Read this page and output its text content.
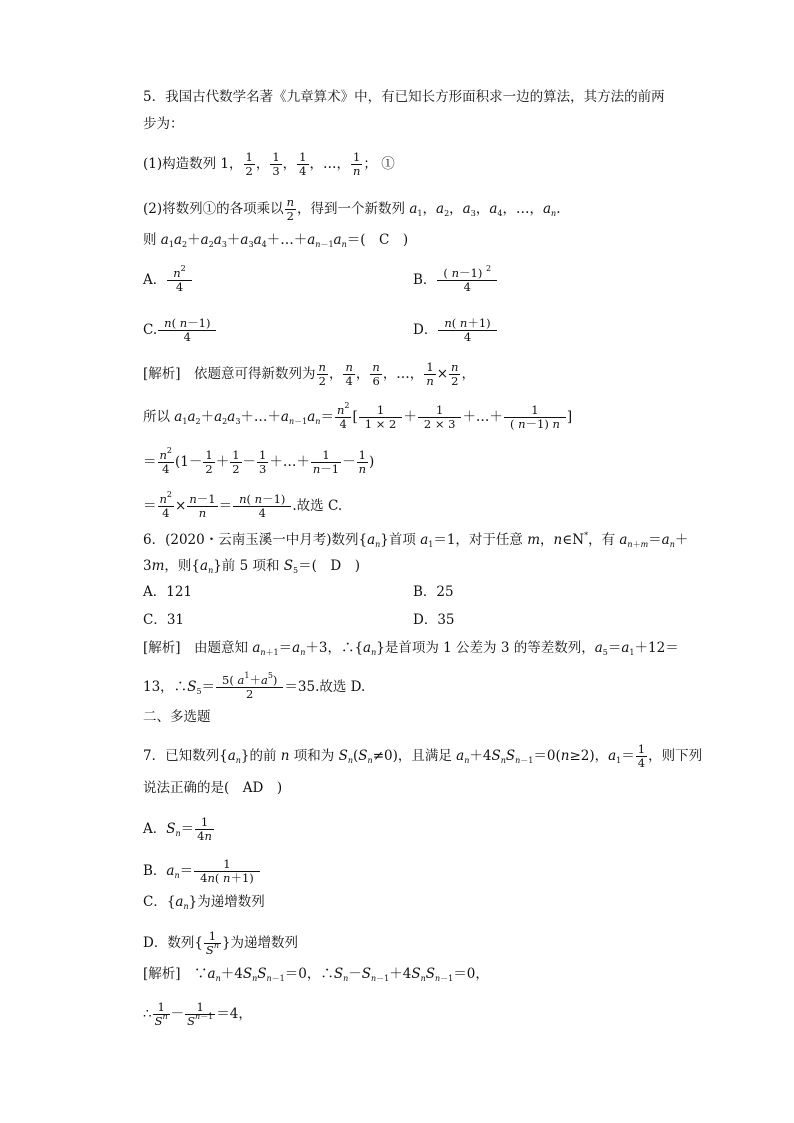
5．我国古代数学名著《九章算术》中，有已知长方形面积求一边的算法，其方法的前两
步为：
(1)构造数列 1， $\frac{1}{2}$ ， $\frac{1}{3}$ ， $\frac{1}{4}$ ，…， $\frac{1}{n}$ ； ①
(2)将数列①的各项乘以 $\frac{n}{2}$ ，得到一个新数列 $a_1$，$a_2$，$a_3$，$a_4$，…，$a_n$.
则 $a_1a_2+a_2a_3+a_3a_4+\dots+a_{n-1}a_n=$(　C　)
A． $\frac{n^2}{4}$	B． $\frac{( n-1) ^2}{4}$
C. $\frac{n( n-1)}{4}$	D． $\frac{n( n+1)}{4}$
[解析]　依题意可得新数列为 $\frac{n}{2}$ ， $\frac{n}{4}$ ， $\frac{n}{6}$ ，…， $\frac{1}{n} \times \frac{n}{2}$ ，
所以 $a_1a_2+a_2a_3+\dots+a_{n-1}a_n= \frac{n^2}{4}$ [ $\frac{1}{1 \times 2} + \frac{1}{2 \times 3}$ ＋…＋ $\frac{1}{( n-1) n}$ ]
＝ $\frac{n^2}{4} (1- \frac{1}{2} + \frac{1}{2} - \frac{1}{3}$ ＋…＋ $\frac{1}{n-1} - \frac{1}{n}$ )
＝ $\frac{n^2}{4} \times \frac{n-1}{n} = \frac{n( n-1)}{4}$ .故选 C.
6．(2020・云南玉溪一中月考)数列$\{a_n\}$首项 $a_1=1$，对于任意 m，n∈N*，有 $a_{n+m}=a_n+$
3m，则$\{a_n\}$前 5 项和 $S_5=$(　D　)
A．121	B．25
C．31	D．35
[解析]　由题意知 $a_{n+1}=a_n+3$，$\therefore\{a_n\}$是首项为 1 公差为 3 的等差数列，$a_5=a_1+12=$
13，$\therefore S_5= \frac{5( a^1+a^5)}{2} =35$.故选 D.
二、多选题
7．已知数列$\{a_n\}$的前 n 项和为 $S_n(S_n\ne 0)$，且满足 $a_n+4S_nS_{n-1}=0(n\ge 2)$，$a_1= \frac{1}{4}$ ，则下列
说法正确的是(　AD　)
A．$S_n= \frac{1}{4n}$
B．$a_n= \frac{1}{4n( n+1)}$
C．$\{a_n\}$为递增数列
D．数列{ $\frac{1}{S^n}$ }为递增数列
[解析]　$\because a_n+4S_nS_{n-1}=0$，$\therefore S_n-S_{n-1}+4S_nS_{n-1}=0$，
∴ $\frac{1}{S^n} - \frac{1}{S^{n-1}} =4$，
